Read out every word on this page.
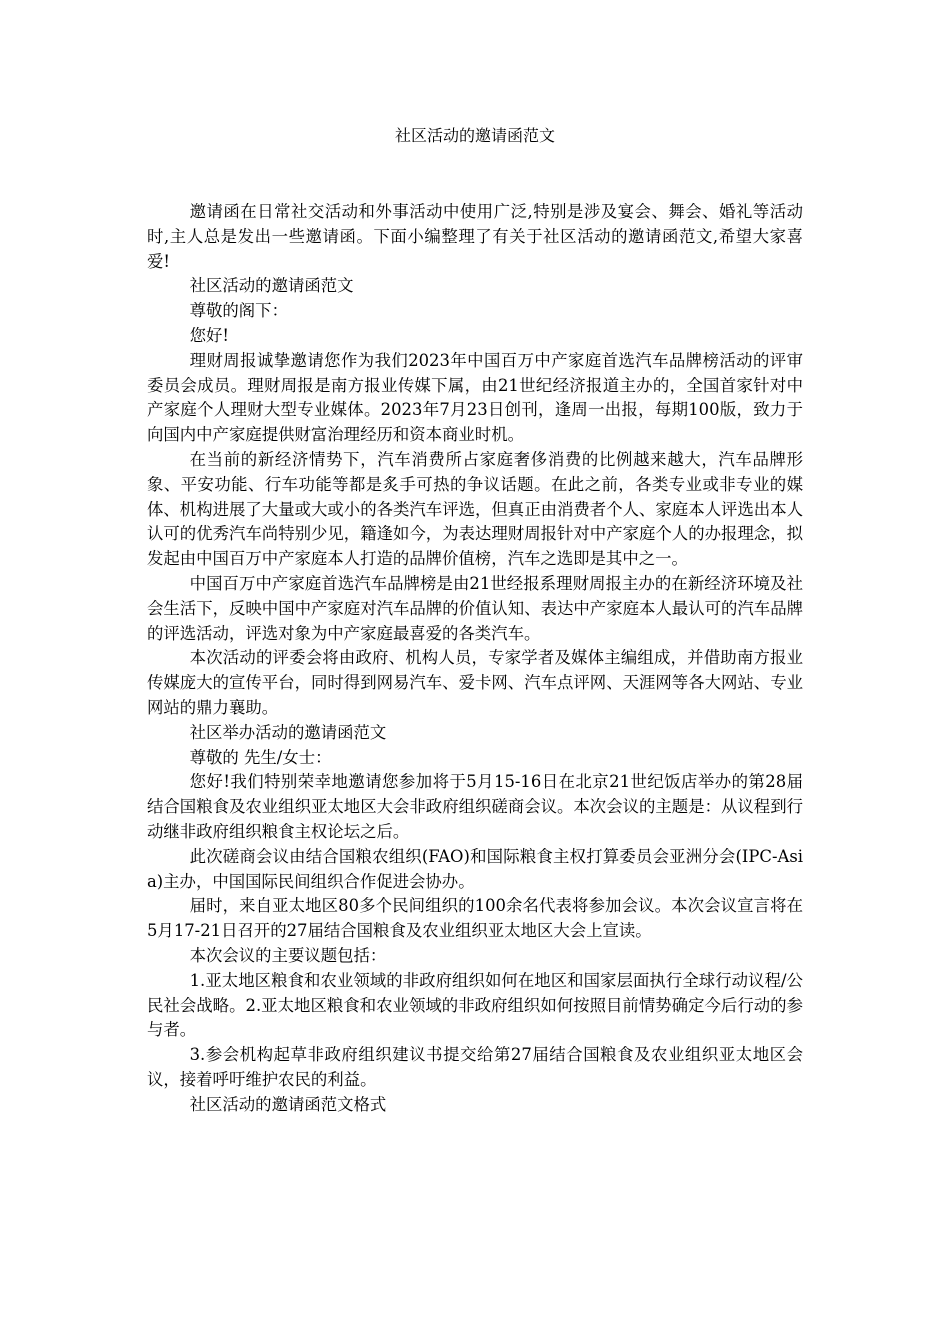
社区活动的邀请函范文

邀请函在日常社交活动和外事活动中使用广泛,特别是涉及宴会、舞会、婚礼等活动时,主人总是发出一些邀请函。下面小编整理了有关于社区活动的邀请函范文,希望大家喜爱!

社区活动的邀请函范文

尊敬的阁下：

您好!

理财周报诚挚邀请您作为我们2023年中国百万中产家庭首选汽车品牌榜活动的评审委员会成员。理财周报是南方报业传媒下属，由21世纪经济报道主办的，全国首家针对中产家庭个人理财大型专业媒体。2023年7月23日创刊，逢周一出报，每期100版，致力于向国内中产家庭提供财富治理经历和资本商业时机。

在当前的新经济情势下，汽车消费所占家庭奢侈消费的比例越来越大，汽车品牌形象、平安功能、行车功能等都是炙手可热的争议话题。在此之前，各类专业或非专业的媒体、机构进展了大量或大或小的各类汽车评选，但真正由消费者个人、家庭本人评选出本人认可的优秀汽车尚特别少见，籍逢如今，为表达理财周报针对中产家庭个人的办报理念，拟发起由中国百万中产家庭本人打造的品牌价值榜，汽车之选即是其中之一。

中国百万中产家庭首选汽车品牌榜是由21世经报系理财周报主办的在新经济环境及社会生活下，反映中国中产家庭对汽车品牌的价值认知、表达中产家庭本人最认可的汽车品牌的评选活动，评选对象为中产家庭最喜爱的各类汽车。

本次活动的评委会将由政府、机构人员，专家学者及媒体主编组成，并借助南方报业传媒庞大的宣传平台，同时得到网易汽车、爱卡网、汽车点评网、天涯网等各大网站、专业网站的鼎力襄助。

社区举办活动的邀请函范文

尊敬的 先生/女士：

您好!我们特别荣幸地邀请您参加将于5月15-16日在北京21世纪饭店举办的第28届结合国粮食及农业组织亚太地区大会非政府组织磋商会议。本次会议的主题是：从议程到行动继非政府组织粮食主权论坛之后。

此次磋商会议由结合国粮农组织(FAO)和国际粮食主权打算委员会亚洲分会(IPC-Asia)主办，中国国际民间组织合作促进会协办。

届时，来自亚太地区80多个民间组织的100余名代表将参加会议。本次会议宣言将在5月17-21日召开的27届结合国粮食及农业组织亚太地区大会上宣读。

本次会议的主要议题包括：

1.亚太地区粮食和农业领域的非政府组织如何在地区和国家层面执行全球行动议程/公民社会战略。2.亚太地区粮食和农业领域的非政府组织如何按照目前情势确定今后行动的参与者。

3.参会机构起草非政府组织建议书提交给第27届结合国粮食及农业组织亚太地区会议，接着呼吁维护农民的利益。

社区活动的邀请函范文格式
